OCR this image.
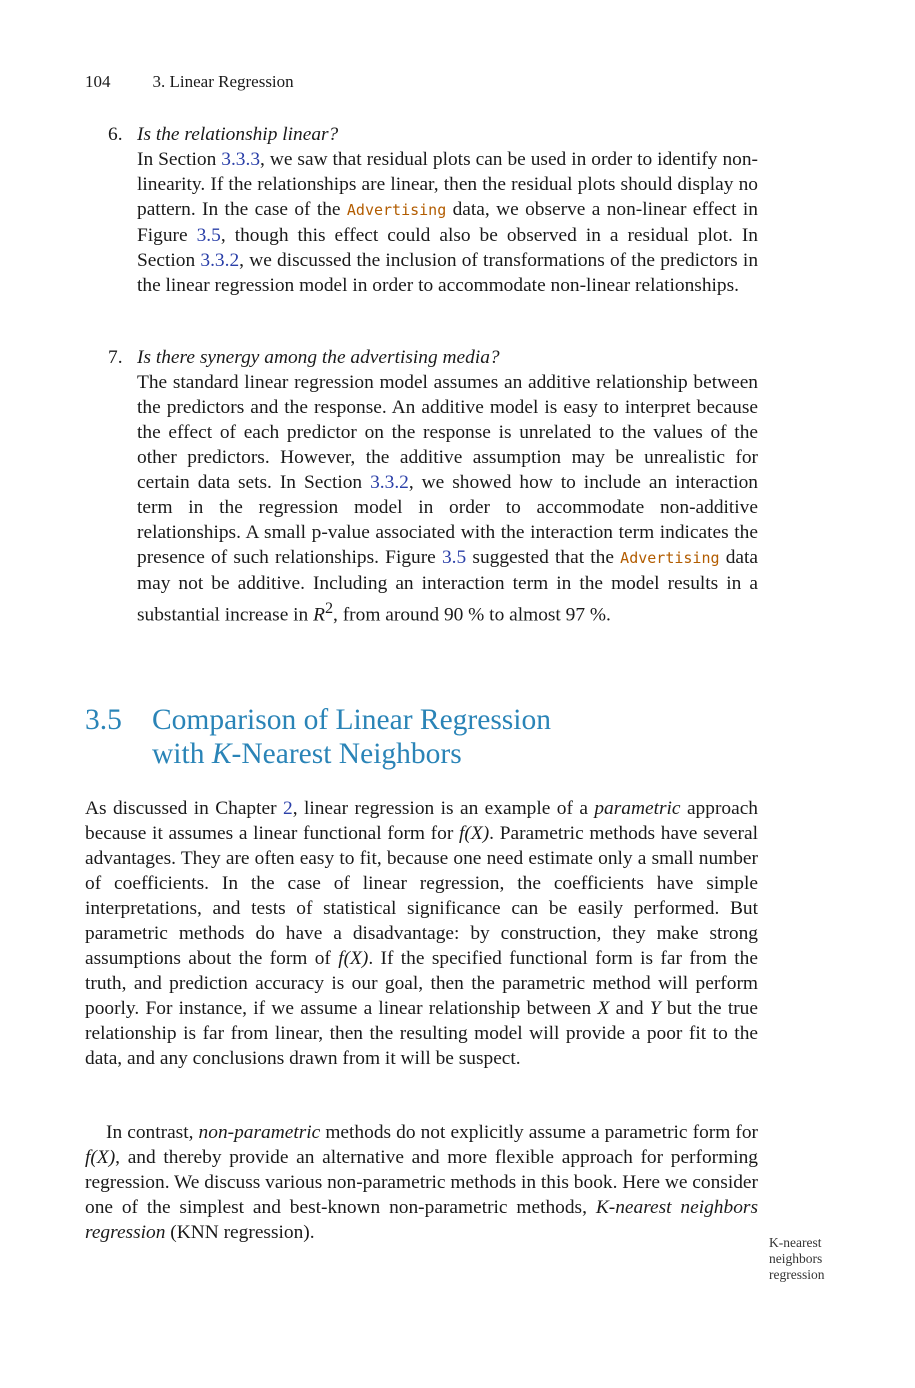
104 3. Linear Regression
6. Is the relationship linear?
In Section 3.3.3, we saw that residual plots can be used in order to identify non-linearity. If the relationships are linear, then the residual plots should display no pattern. In the case of the Advertising data, we observe a non-linear effect in Figure 3.5, though this effect could also be observed in a residual plot. In Section 3.3.2, we discussed the inclusion of transformations of the predictors in the linear regression model in order to accommodate non-linear relationships.
7. Is there synergy among the advertising media?
The standard linear regression model assumes an additive relationship between the predictors and the response. An additive model is easy to interpret because the effect of each predictor on the response is unrelated to the values of the other predictors. However, the additive assumption may be unrealistic for certain data sets. In Section 3.3.2, we showed how to include an interaction term in the regression model in order to accommodate non-additive relationships. A small p-value associated with the interaction term indicates the presence of such relationships. Figure 3.5 suggested that the Advertising data may not be additive. Including an interaction term in the model results in a substantial increase in $R^2$, from around 90 % to almost 97 %.
3.5 Comparison of Linear Regression
with K-Nearest Neighbors
As discussed in Chapter 2, linear regression is an example of a parametric approach because it assumes a linear functional form for f(X). Parametric methods have several advantages. They are often easy to fit, because one need estimate only a small number of coefficients. In the case of linear regression, the coefficients have simple interpretations, and tests of statistical significance can be easily performed. But parametric methods do have a disadvantage: by construction, they make strong assumptions about the form of f(X). If the specified functional form is far from the truth, and prediction accuracy is our goal, then the parametric method will perform poorly. For instance, if we assume a linear relationship between X and Y but the true relationship is far from linear, then the resulting model will provide a poor fit to the data, and any conclusions drawn from it will be suspect.
In contrast, non-parametric methods do not explicitly assume a parametric form for f(X), and thereby provide an alternative and more flexible approach for performing regression. We discuss various non-parametric methods in this book. Here we consider one of the simplest and best-known non-parametric methods, K-nearest neighbors regression (KNN regression).	K-nearest
neighbors
regression
